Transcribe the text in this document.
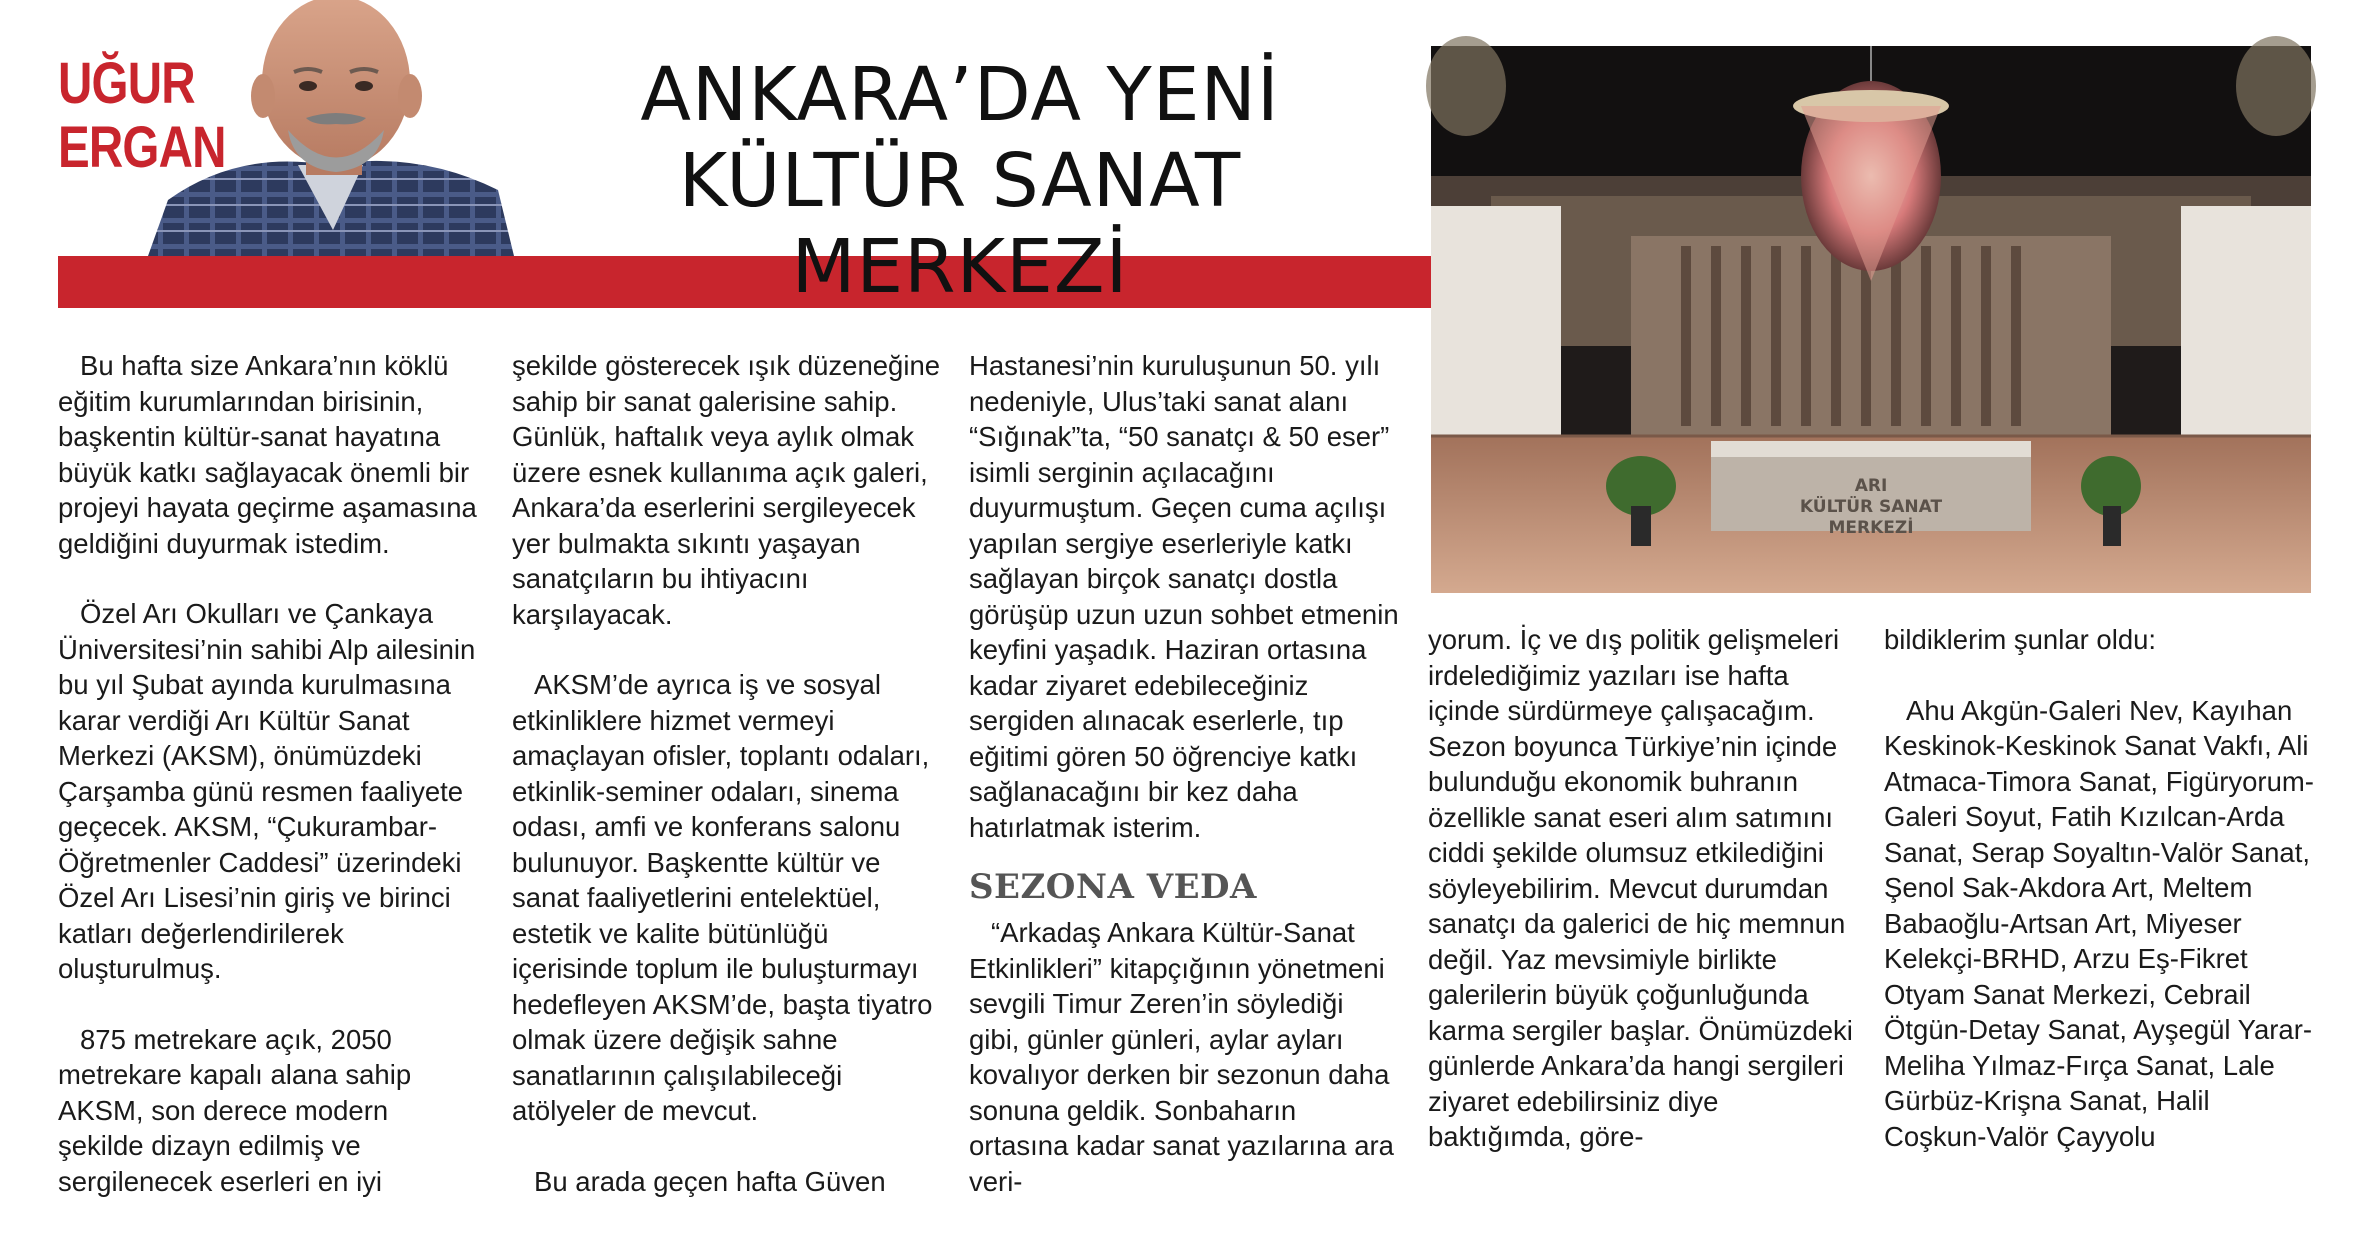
UĞUR
ERGAN
ANKARA’DA YENİ
KÜLTÜR SANAT MERKEZİ
ARI
KÜLTÜR SANAT
MERKEZİ

Bu hafta size Ankara’nın köklü eğitim kurumlarından birisinin, başkentin kültür-sanat hayatına büyük katkı sağlayacak önemli bir projeyi hayata geçirme aşamasına geldiğini duyurmak istedim.

Özel Arı Okulları ve Çankaya Üniversitesi’nin sahibi Alp ailesinin bu yıl Şubat ayında kurulmasına karar verdiği Arı Kültür Sanat Merkezi (AKSM), önümüzdeki Çarşamba günü resmen faaliyete geçecek. AKSM, “Çukurambar-Öğretmenler Caddesi” üzerindeki Özel Arı Lisesi’nin giriş ve birinci katları değerlendirilerek oluşturulmuş.

875 metrekare açık, 2050 metrekare kapalı alana sahip AKSM, son derece modern şekilde dizayn edilmiş ve sergilenecek eserleri en iyi

şekilde gösterecek ışık düzeneğine sahip bir sanat galerisine sahip. Günlük, haftalık veya aylık olmak üzere esnek kullanıma açık galeri, Ankara’da eserlerini sergileyecek yer bulmakta sıkıntı yaşayan sanatçıların bu ihtiyacını karşılayacak.

AKSM’de ayrıca iş ve sosyal etkinliklere hizmet vermeyi amaçlayan ofisler, toplantı odaları, etkinlik-seminer odaları, sinema odası, amfi ve konferans salonu bulunuyor. Başkentte kültür ve sanat faaliyetlerini entelektüel, estetik ve kalite bütünlüğü içerisinde toplum ile buluşturmayı hedefleyen AKSM’de, başta tiyatro olmak üzere değişik sahne sanatlarının çalışılabileceği atölyeler de mevcut.

Bu arada geçen hafta Güven

Hastanesi’nin kuruluşunun 50. yılı nedeniyle, Ulus’taki sanat alanı “Sığınak”ta, “50 sanatçı & 50 eser” isimli serginin açılacağını duyurmuştum. Geçen cuma açılışı yapılan sergiye eserleriyle katkı sağlayan birçok sanatçı dostla görüşüp uzun uzun sohbet etmenin keyfini yaşadık. Haziran ortasına kadar ziyaret edebileceğiniz sergiden alınacak eserlerle, tıp eğitimi gören 50 öğrenciye katkı sağlanacağını bir kez daha hatırlatmak isterim.

SEZONA VEDA

“Arkadaş Ankara Kültür-Sanat Etkinlikleri” kitapçığının yönetmeni sevgili Timur Zeren’in söylediği gibi, günler günleri, aylar ayları kovalıyor derken bir sezonun daha sonuna geldik. Sonbaharın ortasına kadar sanat yazılarına ara veri-

yorum. İç ve dış politik gelişmeleri irdelediğimiz yazıları ise hafta içinde sürdürmeye çalışacağım. Sezon boyunca Türkiye’nin içinde bulunduğu ekonomik buhranın özellikle sanat eseri alım satımını ciddi şekilde olumsuz etkilediğini söyleyebilirim. Mevcut durumdan sanatçı da galerici de hiç memnun değil. Yaz mevsimiyle birlikte galerilerin büyük çoğunluğunda karma sergiler başlar. Önümüzdeki günlerde Ankara’da hangi sergileri ziyaret edebilirsiniz diye baktığımda, göre-

bildiklerim şunlar oldu:

Ahu Akgün-Galeri Nev, Kayıhan Keskinok-Keskinok Sanat Vakfı, Ali Atmaca-Timora Sanat, Figüryorum-Galeri Soyut, Fatih Kızılcan-Arda Sanat, Serap Soyaltın-Valör Sanat, Şenol Sak-Akdora Art, Meltem Babaoğlu-Artsan Art, Miyeser Kelekçi-BRHD, Arzu Eş-Fikret Otyam Sanat Merkezi, Cebrail Ötgün-Detay Sanat, Ayşegül Yarar-Meliha Yılmaz-Fırça Sanat, Lale Gürbüz-Krişna Sanat, Halil Coşkun-Valör Çayyolu
